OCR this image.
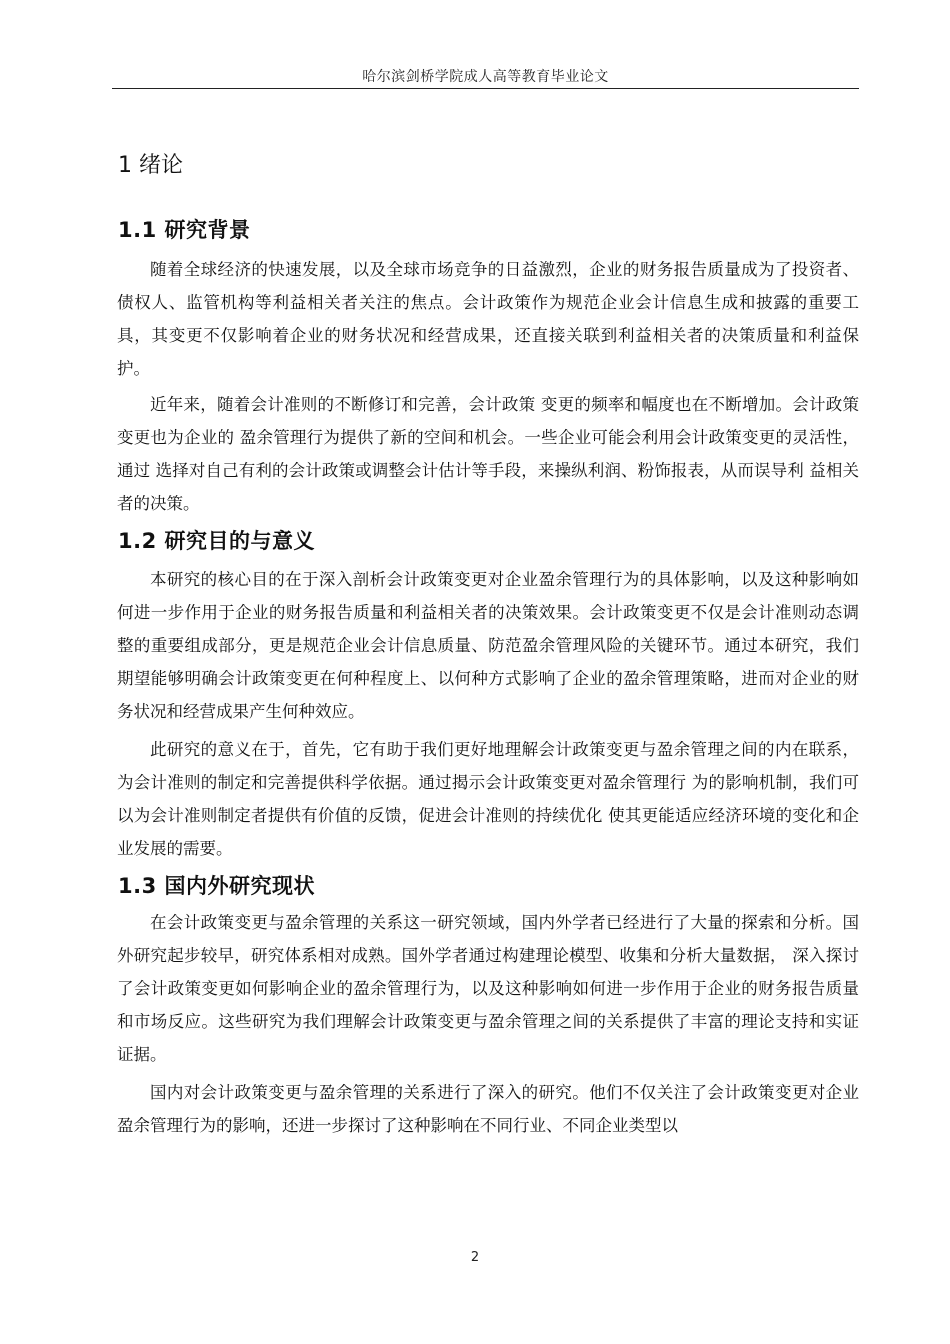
哈尔滨剑桥学院成人高等教育毕业论文
1 绪论
1.1 研究背景

随着全球经济的快速发展，以及全球市场竞争的日益激烈，企业的财务报告质量成为了投资者、债权人、监管机构等利益相关者关注的焦点。会计政策作为规范企业会计信息生成和披露的重要工具，其变更不仅影响着企业的财务状况和经营成果，还直接关联到利益相关者的决策质量和利益保护。

近年来，随着会计准则的不断修订和完善，会计政策 变更的频率和幅度也在不断增加。会计政策变更也为企业的 盈余管理行为提供了新的空间和机会。一些企业可能会利用会计政策变更的灵活性，通过 选择对自己有利的会计政策或调整会计估计等手段，来操纵利润、粉饰报表，从而误导利 益相关者的决策。

1.2 研究目的与意义

本研究的核心目的在于深入剖析会计政策变更对企业盈余管理行为的具体影响，以及这种影响如何进一步作用于企业的财务报告质量和利益相关者的决策效果。会计政策变更不仅是会计准则动态调整的重要组成部分，更是规范企业会计信息质量、防范盈余管理风险的关键环节。通过本研究，我们期望能够明确会计政策变更在何种程度上、以何种方式影响了企业的盈余管理策略，进而对企业的财务状况和经营成果产生何种效应。

此研究的意义在于，首先，它有助于我们更好地理解会计政策变更与盈余管理之间的内在联系，为会计准则的制定和完善提供科学依据。通过揭示会计政策变更对盈余管理行 为的影响机制，我们可以为会计准则制定者提供有价值的反馈，促进会计准则的持续优化 使其更能适应经济环境的变化和企业发展的需要。

1.3 国内外研究现状

在会计政策变更与盈余管理的关系这一研究领域，国内外学者已经进行了大量的探索和分析。国外研究起步较早，研究体系相对成熟。国外学者通过构建理论模型、收集和分析大量数据， 深入探讨了会计政策变更如何影响企业的盈余管理行为，以及这种影响如何进一步作用于企业的财务报告质量和市场反应。这些研究为我们理解会计政策变更与盈余管理之间的关系提供了丰富的理论支持和实证证据。

国内对会计政策变更与盈余管理的关系进行了深入的研究。他们不仅关注了会计政策变更对企业盈余管理行为的影响，还进一步探讨了这种影响在不同行业、不同企业类型以

2
